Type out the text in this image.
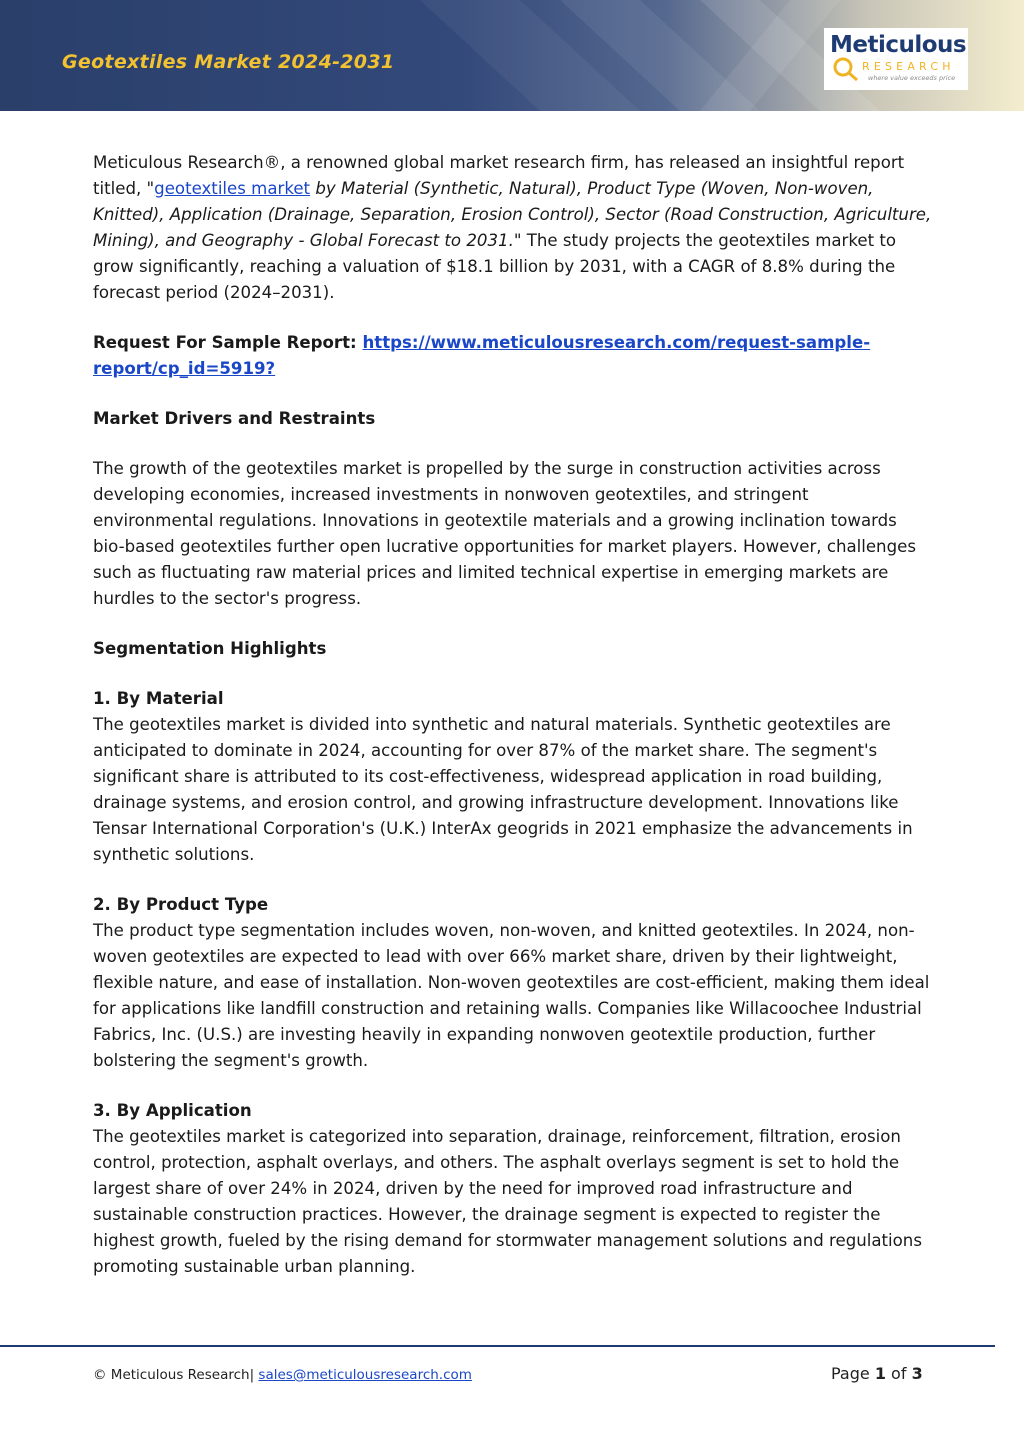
Geotextiles Market 2024-2031
Meticulous
RESEARCH
where value exceeds price

Meticulous Research®, a renowned global market research firm, has released an insightful report titled, "geotextiles market by Material (Synthetic, Natural), Product Type (Woven, Non-woven, Knitted), Application (Drainage, Separation, Erosion Control), Sector (Road Construction, Agriculture, Mining), and Geography - Global Forecast to 2031." The study projects the geotextiles market to grow significantly, reaching a valuation of $18.1 billion by 2031, with a CAGR of 8.8% during the forecast period (2024–2031).

Request For Sample Report: https://www.meticulousresearch.com/request-sample-report/cp_id=5919?

Market Drivers and Restraints

The growth of the geotextiles market is propelled by the surge in construction activities across developing economies, increased investments in nonwoven geotextiles, and stringent environmental regulations. Innovations in geotextile materials and a growing inclination towards bio-based geotextiles further open lucrative opportunities for market players. However, challenges such as fluctuating raw material prices and limited technical expertise in emerging markets are hurdles to the sector's progress.

Segmentation Highlights

1. By Material

The geotextiles market is divided into synthetic and natural materials. Synthetic geotextiles are anticipated to dominate in 2024, accounting for over 87% of the market share. The segment's significant share is attributed to its cost-effectiveness, widespread application in road building, drainage systems, and erosion control, and growing infrastructure development. Innovations like Tensar International Corporation's (U.K.) InterAx geogrids in 2021 emphasize the advancements in synthetic solutions.

2. By Product Type

The product type segmentation includes woven, non-woven, and knitted geotextiles. In 2024, non-woven geotextiles are expected to lead with over 66% market share, driven by their lightweight, flexible nature, and ease of installation. Non-woven geotextiles are cost-efficient, making them ideal for applications like landfill construction and retaining walls. Companies like Willacoochee Industrial Fabrics, Inc. (U.S.) are investing heavily in expanding nonwoven geotextile production, further bolstering the segment's growth.

3. By Application

The geotextiles market is categorized into separation, drainage, reinforcement, filtration, erosion control, protection, asphalt overlays, and others. The asphalt overlays segment is set to hold the largest share of over 24% in 2024, driven by the need for improved road infrastructure and sustainable construction practices. However, the drainage segment is expected to register the highest growth, fueled by the rising demand for stormwater management solutions and regulations promoting sustainable urban planning.

© Meticulous Research| sales@meticulousresearch.com	Page 1 of 3
